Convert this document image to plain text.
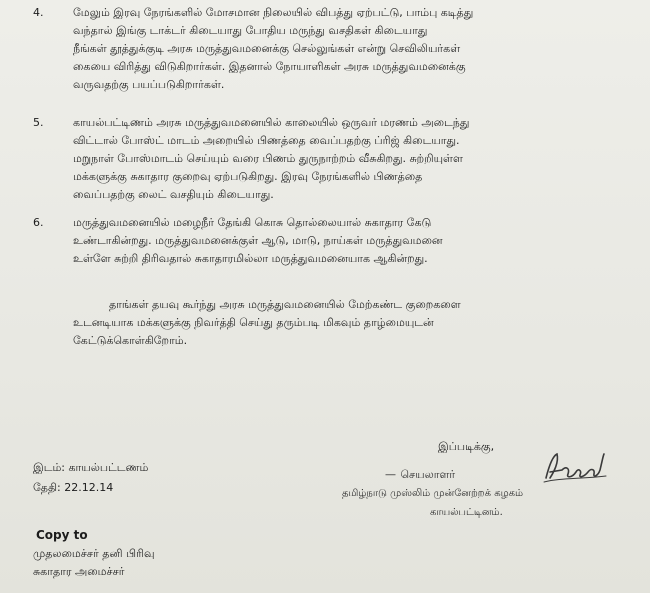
4.	மேலும் இரவு நேரங்களில் மோசமான நிலையில் விபத்து ஏற்பட்டு, பாம்பு கடித்து
வந்தால் இங்கு டாக்டர் கிடையாது போதிய மருந்து வசதிகள் கிடையாது
நீங்கள் தூத்துக்குடி அரசு மருத்துவமனைக்கு செல்லுங்கள் என்று செவிலியர்கள்
கையை விரித்து விடுகிறார்கள். இதனால் நோயாளிகள் அரசு மருத்துவமனைக்கு
வருவதற்கு பயப்படுகிறார்கள்.
5.	காயல்பட்டிணம் அரசு மருத்துவமனையில் காலையில் ஒருவர் மரணம் அடைந்து
விட்டால் போஸ்ட் மாடம் அறையில் பிணத்தை வைப்பதற்கு ப்ரிஜ் கிடையாது.
மறுநாள் போஸ்மாடம் செய்யும் வரை பிணம் துருநாற்றம் வீசுகிறது. சுற்றியுள்ள
மக்களுக்கு சுகாதார குறைவு ஏற்படுகிறது. இரவு நேரங்களில் பிணத்தை
வைப்பதற்கு லைட் வசதியும் கிடையாது.
6.	மருத்துவமனையில் மழைநீர் தேங்கி கொசு தொல்லையால் சுகாதார கேடு
உண்டாகின்றது. மருத்துவமனைக்குள் ஆடு, மாடு, நாய்கள் மருத்துவமனை
உள்ளே சுற்றி திரிவதால் சுகாதாரமில்லா மருத்துவமனையாக ஆகின்றது.
தாங்கள் தயவு கூர்ந்து அரசு மருத்துவமனையில் மேற்கண்ட குறைகளை
உடனடியாக மக்களுக்கு நிவர்த்தி செய்து தரும்படி மிகவும் தாழ்மையுடன்
கேட்டுக்கொள்கிறோம்.
இப்படிக்கு,
இடம்: காயல்பட்டணம்
தேதி: 22.12.14
— செயலாளர்
தமிழ்நாடு முஸ்லிம் முன்னேற்றக் கழகம்
காயல்பட்டினம்.
Copy to
முதலமைச்சர் தனி பிரிவு
சுகாதார அமைச்சர்
